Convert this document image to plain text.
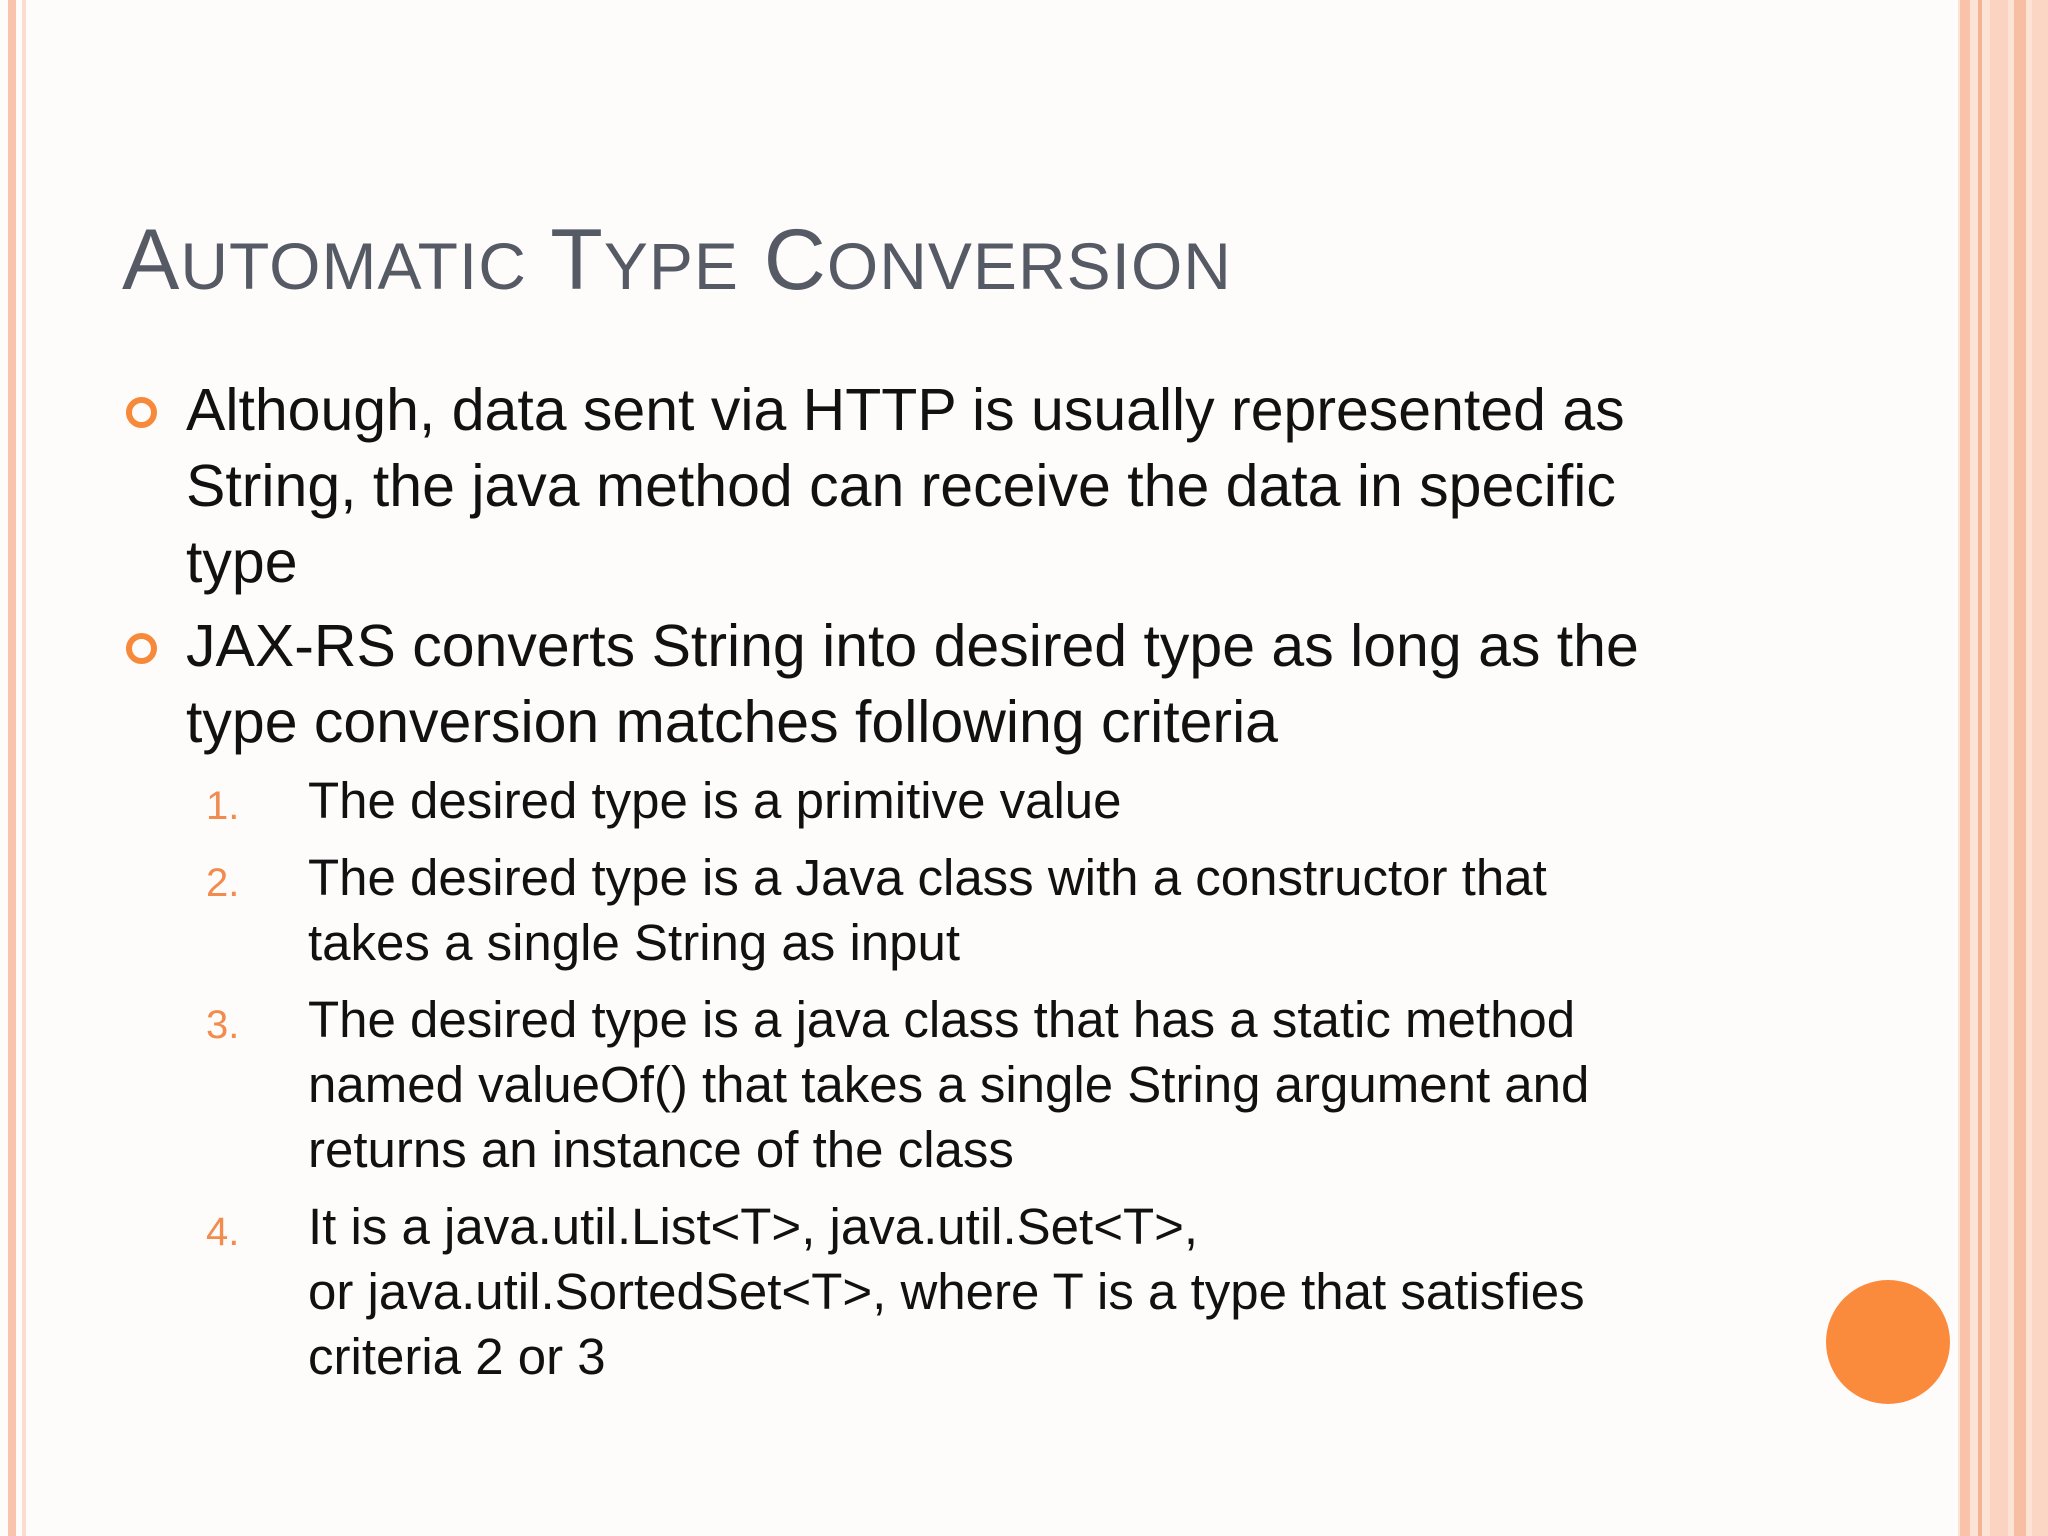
AUTOMATIC TYPE CONVERSION
Although, data sent via HTTP is usually represented as
String, the java method can receive the data in specific
type
JAX-RS converts String into desired type as long as the
type conversion matches following criteria
1. The desired type is a primitive value
2. The desired type is a Java class with a constructor that
takes a single String as input
3. The desired type is a java class that has a static method
named valueOf() that takes a single String argument and
returns an instance of the class
4. It is a java.util.List<T>, java.util.Set<T>,
or java.util.SortedSet<T>, where T is a type that satisfies
criteria 2 or 3
